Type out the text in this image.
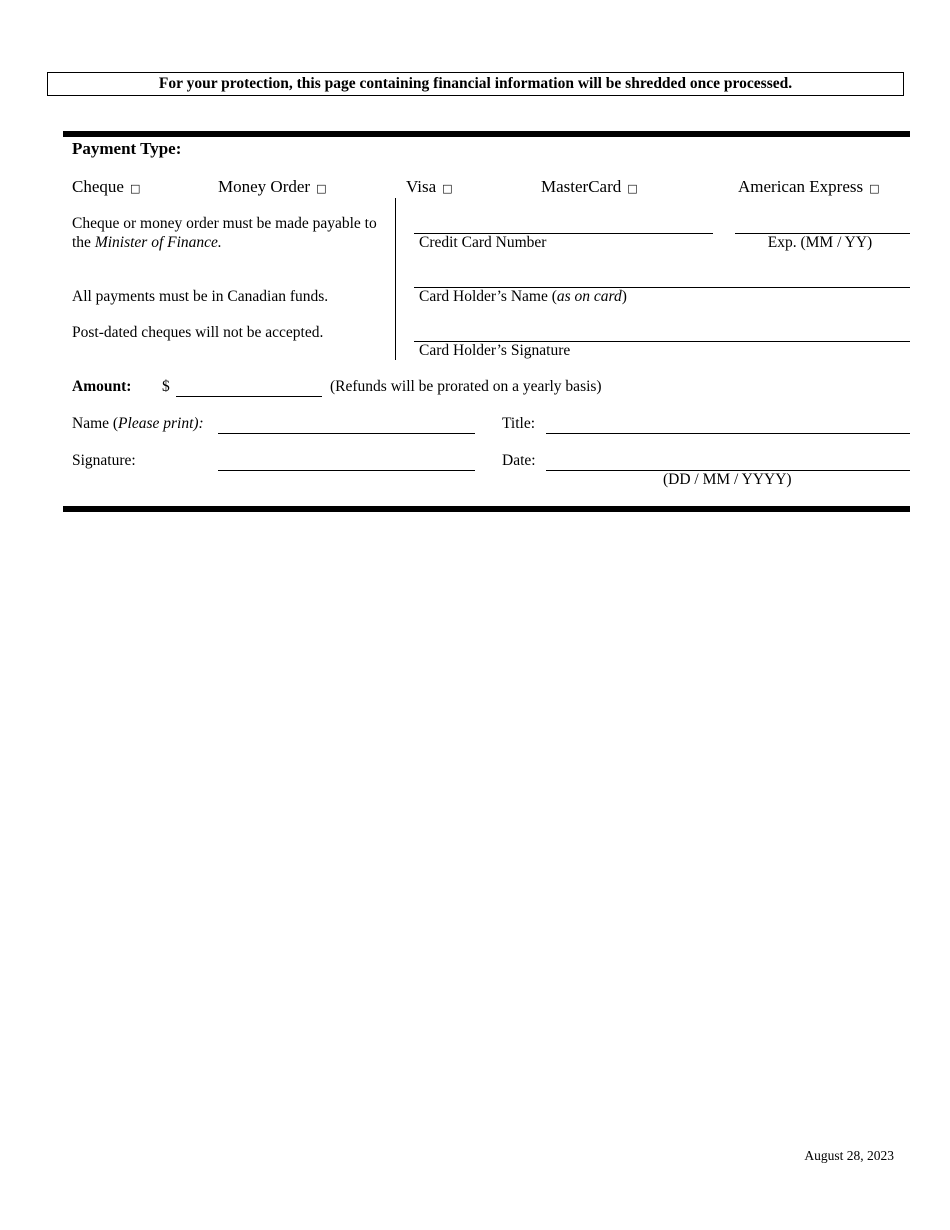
For your protection, this page containing financial information will be shredded once processed.
Payment Type:
Cheque □	Money Order □	Visa □	MasterCard □	American Express □
Cheque or money order must be made payable to
the Minister of Finance.
All payments must be in Canadian funds.
Post-dated cheques will not be accepted.
Credit Card Number	Exp. (MM / YY)
Card Holder’s Name (as on card)
Card Holder’s Signature
Amount: $	(Refunds will be prorated on a yearly basis)
Name (Please print):	Title:
Signature:	Date:
(DD / MM / YYYY)
August 28, 2023
